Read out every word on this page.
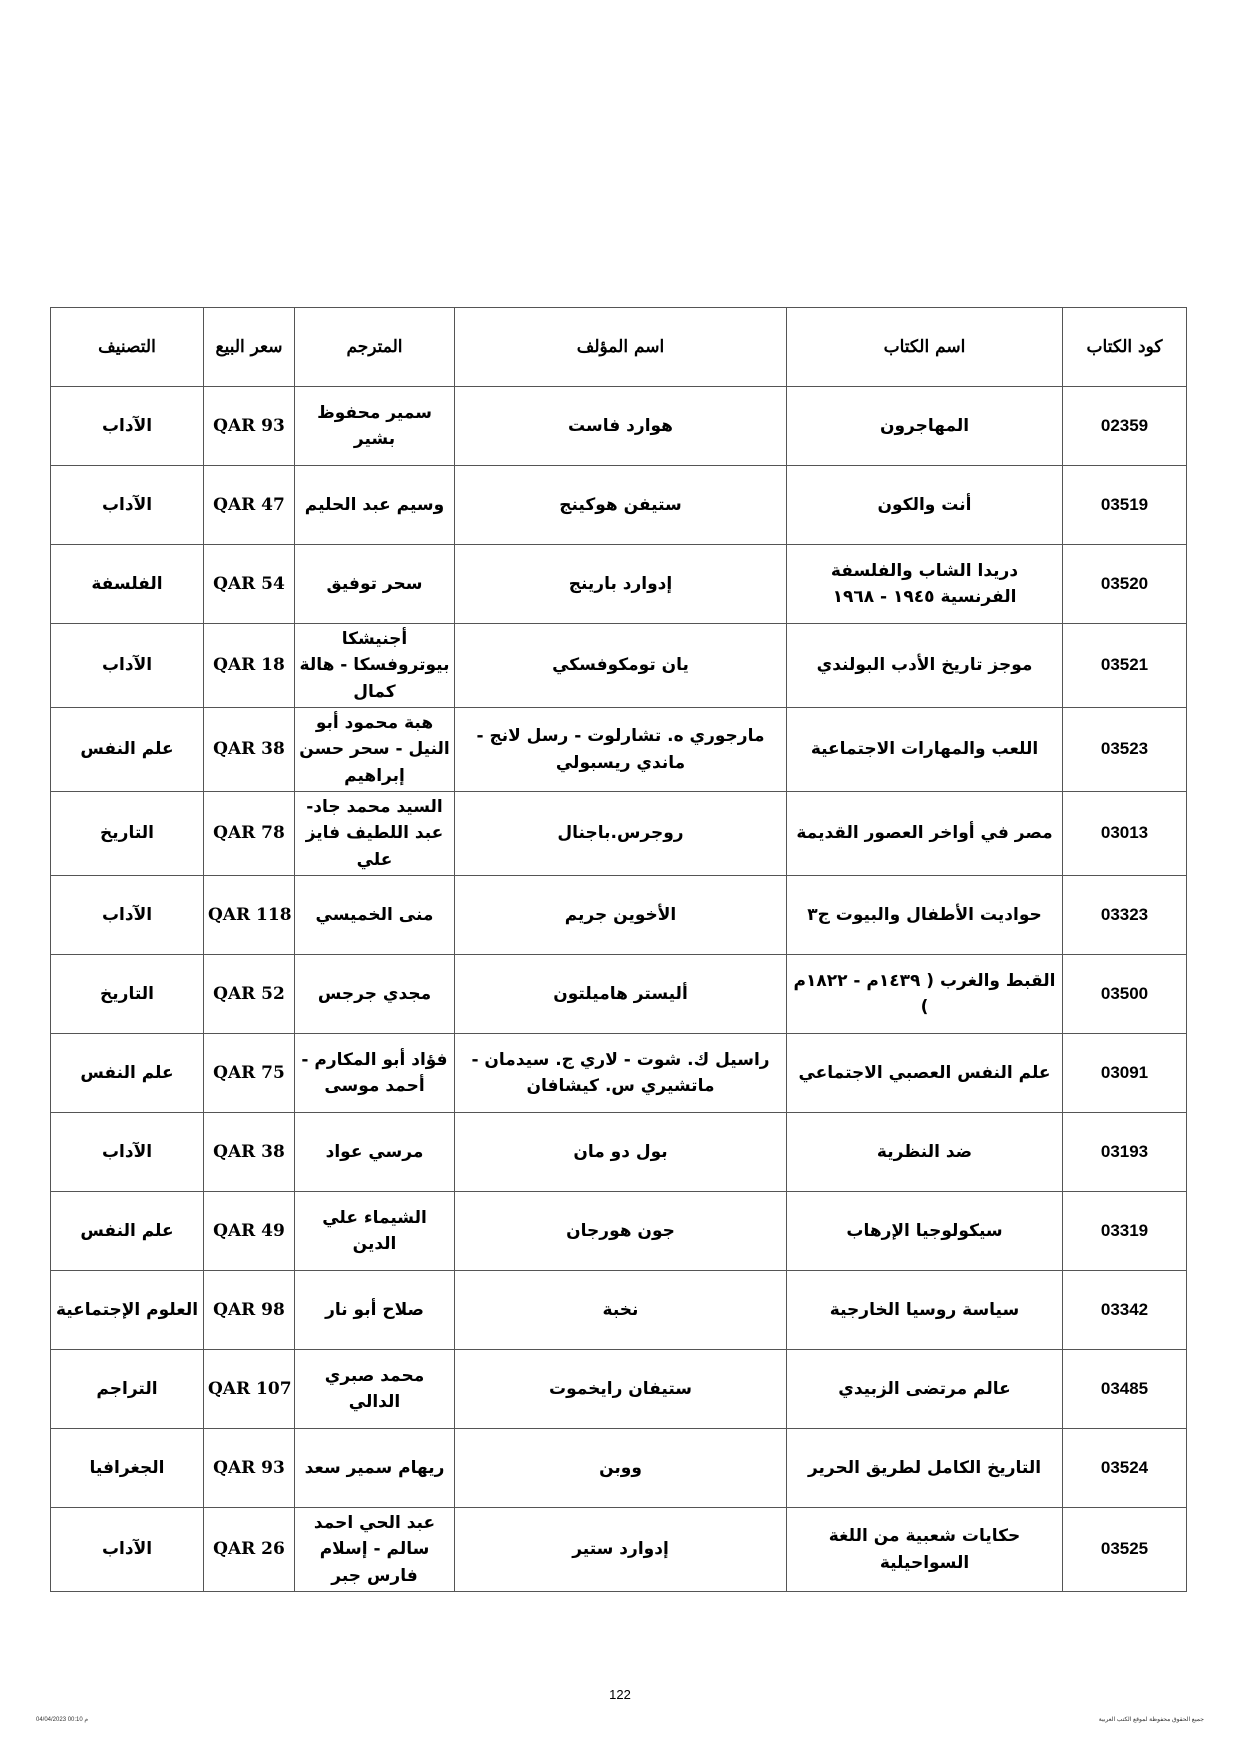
كود الكتاب	اسم الكتاب	اسم المؤلف	المترجم	سعر البيع	التصنيف
02359	المهاجرون	هوارد فاست	سمير محفوظ بشير	QAR 93	الآداب
03519	أنت والكون	ستيفن هوكينج	وسيم عبد الحليم	QAR 47	الآداب
03520	دريدا الشاب والفلسفة الفرنسية ١٩٤٥ - ١٩٦٨	إدوارد بارينج	سحر توفيق	QAR 54	الفلسفة
03521	موجز تاريخ الأدب البولندي	يان تومكوفسكي	أجنيشكا بيوتروفسكا - هالة كمال	QAR 18	الآداب
03523	اللعب والمهارات الاجتماعية	مارجوري ه. تشارلوت - رسل لانج - ماندي ريسبولي	هبة محمود أبو النيل - سحر حسن إبراهيم	QAR 38	علم النفس
03013	مصر في أواخر العصور القديمة	روجرس.باجنال	السيد محمد جاد-عبد اللطيف فايز علي	QAR 78	التاريخ
03323	حواديت الأطفال والبيوت ج٣	الأخوين جريم	منى الخميسي	QAR 118	الآداب
03500	القبط والغرب ( ١٤٣٩م - ١٨٢٢م )	أليستر هاميلتون	مجدي جرجس	QAR 52	التاريخ
03091	علم النفس العصبي الاجتماعي	راسيل ك. شوت - لاري ج. سيدمان - ماتشيري س. كيشافان	فؤاد أبو المكارم - أحمد موسى	QAR 75	علم النفس
03193	ضد النظرية	بول دو مان	مرسي عواد	QAR 38	الآداب
03319	سيكولوجيا الإرهاب	جون هورجان	الشيماء علي الدين	QAR 49	علم النفس
03342	سياسة روسيا الخارجية	نخبة	صلاح أبو نار	QAR 98	العلوم الإجتماعية
03485	عالم مرتضى الزبيدي	ستيفان رايخموت	محمد صبري الدالي	QAR 107	التراجم
03524	التاريخ الكامل لطريق الحرير	ووبن	ريهام سمير سعد	QAR 93	الجغرافيا
03525	حكايات شعبية من اللغة السواحيلية	إدوارد ستير	عبد الحي احمد سالم - إسلام فارس جبر	QAR 26	الآداب
122
04/04/2023 00:10 م	جميع الحقوق محفوظة لموقع الكتب العربية
